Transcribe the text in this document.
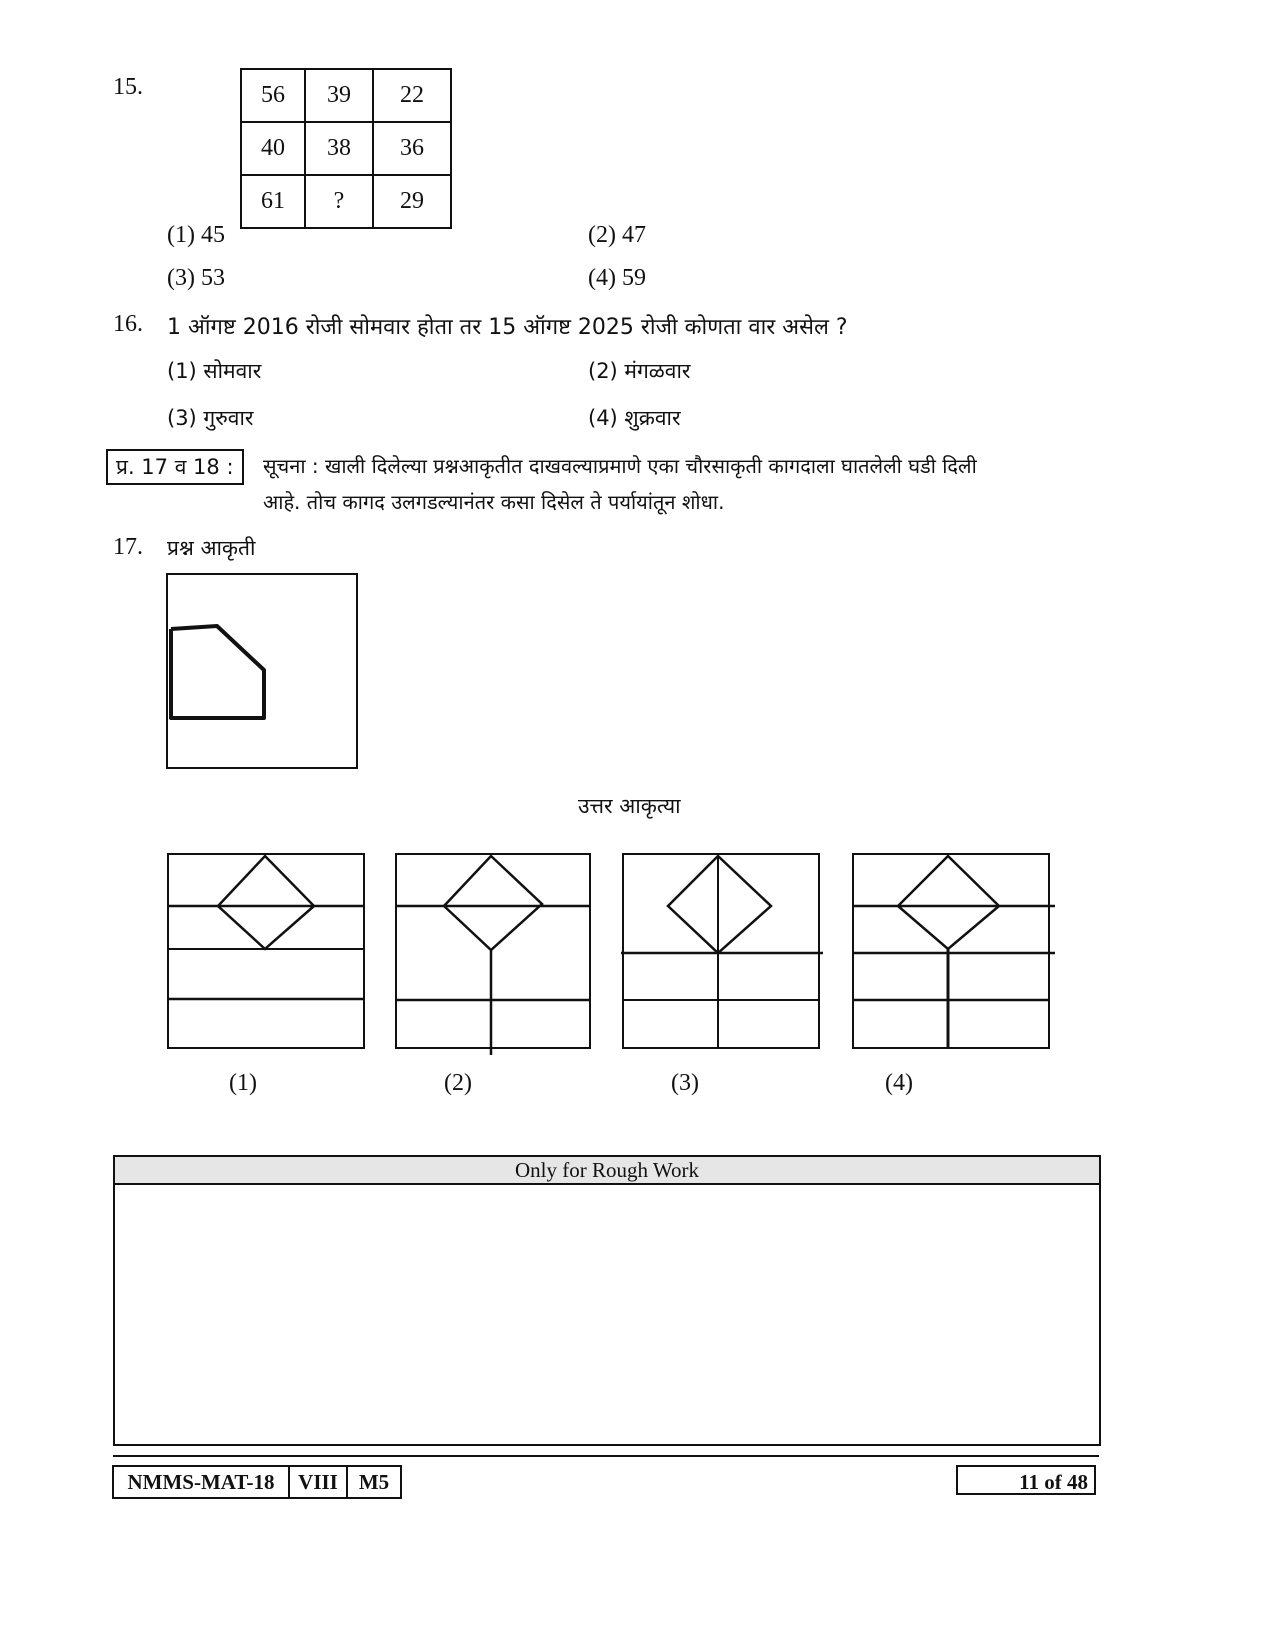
15.	56	39	22
40	38	36
61	?	29
(1) 45	(2) 47
(3) 53	(4) 59
16. 1 ऑगष्ट 2016 रोजी सोमवार होता तर 15 ऑगष्ट 2025 रोजी कोणता वार असेल ?
(1) सोमवार	(2) मंगळवार
(3) गुरुवार	(4) शुक्रवार
प्र. 17 व 18 :	सूचना : खाली दिलेल्या प्रश्नआकृतीत दाखवल्याप्रमाणे एका चौरसाकृती कागदाला घातलेली घडी दिली
आहे. तोच कागद उलगडल्यानंतर कसा दिसेल ते पर्यायांतून शोधा.
17. प्रश्न आकृती
उत्तर आकृत्या
(1)	(2)	(3)	(4)
Only for Rough Work
NMMS-MAT-18	VIII M5	11 of 48
